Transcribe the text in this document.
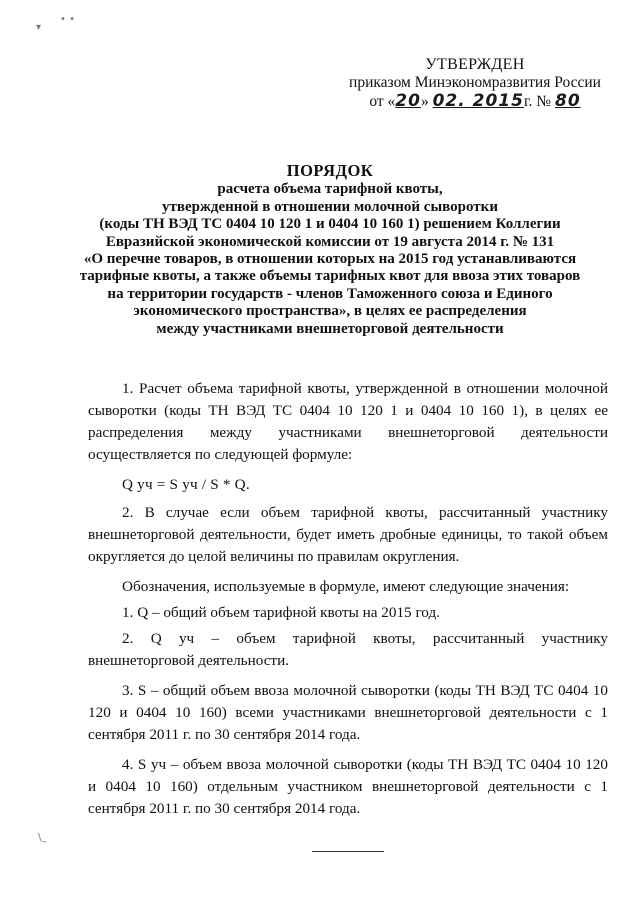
▾
• •
\_
УТВЕРЖДЕН
приказом Минэкономразвития России
от «20» 02. 2015г. № 80
ПОРЯДОК
расчета объема тарифной квоты,
утвержденной в отношении молочной сыворотки
(коды ТН ВЭД ТС 0404 10 120 1 и 0404 10 160 1) решением Коллегии
Евразийской экономической комиссии от 19 августа 2014 г. № 131
«О перечне товаров, в отношении которых на 2015 год устанавливаются
тарифные квоты, а также объемы тарифных квот для ввоза этих товаров
на территории государств - членов Таможенного союза и Единого
экономического пространства», в целях ее распределения
между участниками внешнеторговой деятельности

1. Расчет объема тарифной квоты, утвержденной в отношении молочной сыворотки (коды ТН ВЭД ТС 0404 10 120 1 и 0404 10 160 1), в целях ее распределения между участниками внешнеторговой деятельности осуществляется по следующей формуле:

Q уч = S уч / S * Q.

2. В случае если объем тарифной квоты, рассчитанный участнику внешнеторговой деятельности, будет иметь дробные единицы, то такой объем округляется до целой величины по правилам округления.

Обозначения, используемые в формуле, имеют следующие значения:

1. Q – общий объем тарифной квоты на 2015 год.

2. Q уч – объем тарифной квоты, рассчитанный участнику внешнеторговой деятельности.

3. S – общий объем ввоза молочной сыворотки (коды ТН ВЭД ТС 0404 10 120 и 0404 10 160) всеми участниками внешнеторговой деятельности с 1 сентября 2011 г. по 30 сентября 2014 года.

4. S уч – объем ввоза молочной сыворотки (коды ТН ВЭД ТС 0404 10 120 и 0404 10 160) отдельным участником внешнеторговой деятельности с 1 сентября 2011 г. по 30 сентября 2014 года.
